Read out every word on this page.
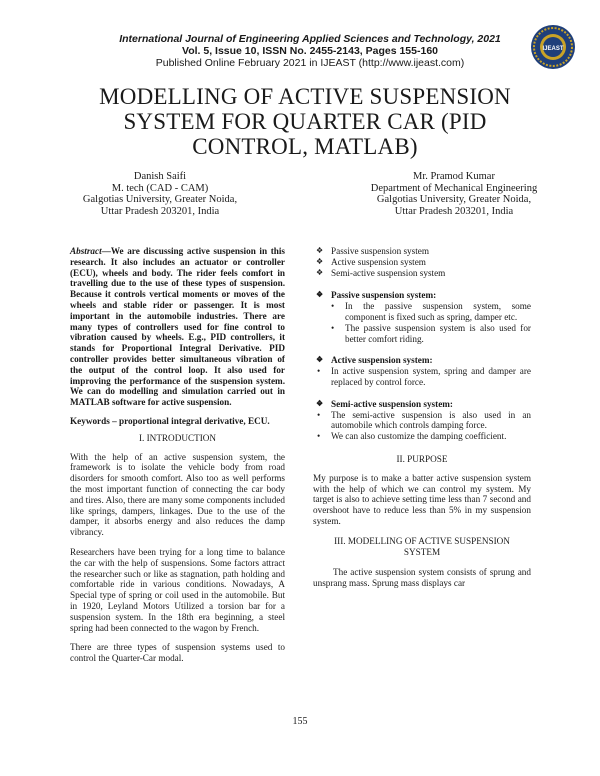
International Journal of Engineering Applied Sciences and Technology, 2021
Vol. 5, Issue 10, ISSN No. 2455-2143, Pages 155-160
Published Online February 2021 in IJEAST (http://www.ijeast.com)
IJEAST
MODELLING OF ACTIVE SUSPENSION
SYSTEM FOR QUARTER CAR (PID
CONTROL, MATLAB)
Danish Saifi
M. tech (CAD - CAM)
Galgotias University, Greater Noida,
Uttar Pradesh 203201, India
Mr. Pramod Kumar
Department of Mechanical Engineering
Galgotias University, Greater Noida,
Uttar Pradesh 203201, India

Abstract—We are discussing active suspension in this research. It also includes an actuator or controller (ECU), wheels and body. The rider feels comfort in travelling due to the use of these types of suspension. Because it controls vertical moments or moves of the wheels and stable rider or passenger. It is most important in the automobile industries. There are many types of controllers used for fine control to vibration caused by wheels. E.g., PID controllers, it stands for Proportional Integral Derivative. PID controller provides better simultaneous vibration of the output of the control loop. It also used for improving the performance of the suspension system. We can do modelling and simulation carried out in MATLAB software for active suspension.

Keywords – proportional integral derivative, ECU.

I. INTRODUCTION

With the help of an active suspension system, the framework is to isolate the vehicle body from road disorders for smooth comfort. Also too as well performs the most important function of connecting the car body and tires. Also, there are many some components included like springs, dampers, linkages. Due to the use of the damper, it absorbs energy and also reduces the damp vibrancy.

Researchers have been trying for a long time to balance the car with the help of suspensions. Some factors attract the researcher such or like as stagnation, path holding and comfortable ride in various conditions. Nowadays, A Special type of spring or coil used in the automobile. But in 1920, Leyland Motors Utilized a torsion bar for a suspension system. In the 18th era beginning, a steel spring had been connected to the wagon by French.

There are three types of suspension systems used to control the Quarter-Car modal.

❖ Passive suspension system
❖ Active suspension system
❖ Semi-active suspension system
❖ Passive suspension system:
• In the passive suspension system, some component is fixed such as spring, damper etc.
• The passive suspension system is also used for better comfort riding.
❖ Active suspension system:
• In active suspension system, spring and damper are replaced by control force.
❖ Semi-active suspension system:
• The semi-active suspension is also used in an automobile which controls damping force.
• We can also customize the damping coefficient.

II. PURPOSE

My purpose is to make a batter active suspension system with the help of which we can control my system. My target is also to achieve setting time less than 7 second and overshoot have to reduce less than 5% in my suspension system.

III. MODELLING OF ACTIVE SUSPENSION

SYSTEM

The active suspension system consists of sprung and unsprang mass. Sprung mass displays car

155
